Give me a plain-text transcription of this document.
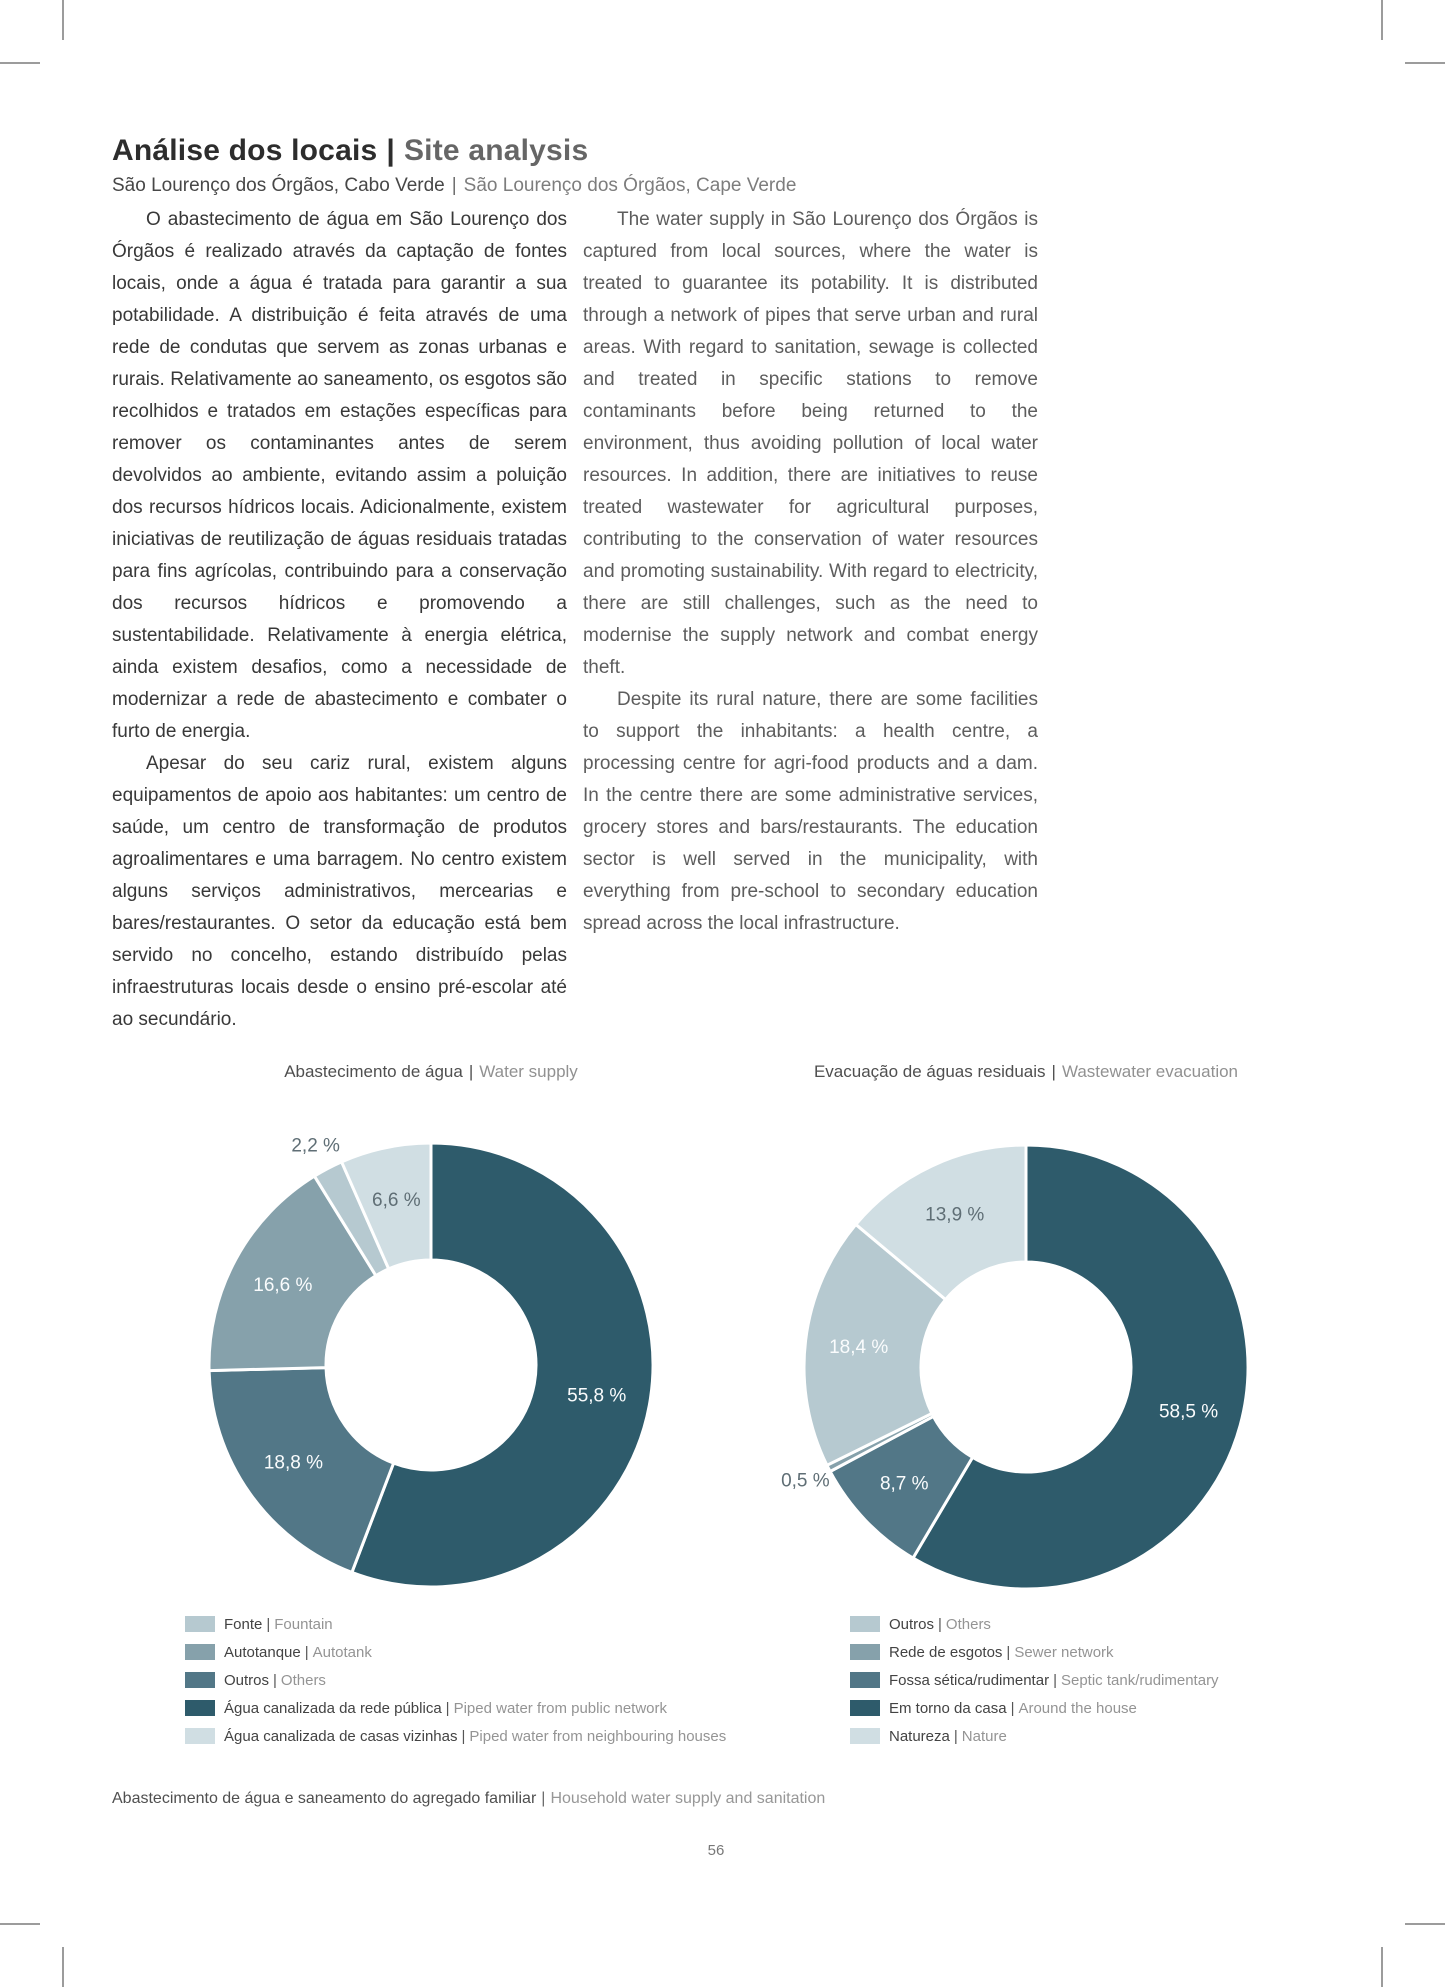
Análise dos locais | Site analysis
São Lourenço dos Órgãos, Cabo Verde | São Lourenço dos Órgãos, Cape Verde

O abastecimento de água em São Lourenço dos Órgãos é realizado através da captação de fontes locais, onde a água é tratada para garantir a sua potabilidade. A distribuição é feita através de uma rede de condutas que servem as zonas urbanas e rurais. Relativamente ao saneamento, os esgotos são recolhidos e tratados em estações específicas para remover os contaminantes antes de serem devolvidos ao ambiente, evitando assim a poluição dos recursos hídricos locais. Adicionalmente, existem iniciativas de reutilização de águas residuais tratadas para fins agrícolas, contribuindo para a conservação dos recursos hídricos e promovendo a sustentabilidade. Relativamente à energia elétrica, ainda existem desafios, como a necessidade de modernizar a rede de abastecimento e combater o furto de energia.

Apesar do seu cariz rural, existem alguns equipamentos de apoio aos habitantes: um centro de saúde, um centro de transformação de produtos agroalimentares e uma barragem. No centro existem alguns serviços administrativos, mercearias e bares/restaurantes. O setor da educação está bem servido no concelho, estando distribuído pelas infraestruturas locais desde o ensino pré-escolar até ao secundário.

The water supply in São Lourenço dos Órgãos is captured from local sources, where the water is treated to guarantee its potability. It is distributed through a network of pipes that serve urban and rural areas. With regard to sanitation, sewage is collected and treated in specific stations to remove contaminants before being returned to the environment, thus avoiding pollution of local water resources. In addition, there are initiatives to reuse treated wastewater for agricultural purposes, contributing to the conservation of water resources and promoting sustainability. With regard to electricity, there are still challenges, such as the need to modernise the supply network and combat energy theft.

Despite its rural nature, there are some facilities to support the inhabitants: a health centre, a processing centre for agri-food products and a dam. In the centre there are some administrative services, grocery stores and bars/restaurants. The education sector is well served in the municipality, with everything from pre-school to secondary education spread across the local infrastructure.

Abastecimento de água | Water supply	Evacuação de águas residuais | Wastewater evacuation
55,8 %
18,8 %
16,6 %
2,2 %
6,6 %
58,5 %
8,7 %
0,5 %
18,4 %
13,9 %
Fonte | Fountain
Autotanque | Autotank
Outros | Others
Água canalizada da rede pública | Piped water from public network
Água canalizada de casas vizinhas | Piped water from neighbouring houses
Outros | Others
Rede de esgotos | Sewer network
Fossa sética/rudimentar | Septic tank/rudimentary
Em torno da casa | Around the house
Natureza | Nature
Abastecimento de água e saneamento do agregado familiar | Household water supply and sanitation
56
